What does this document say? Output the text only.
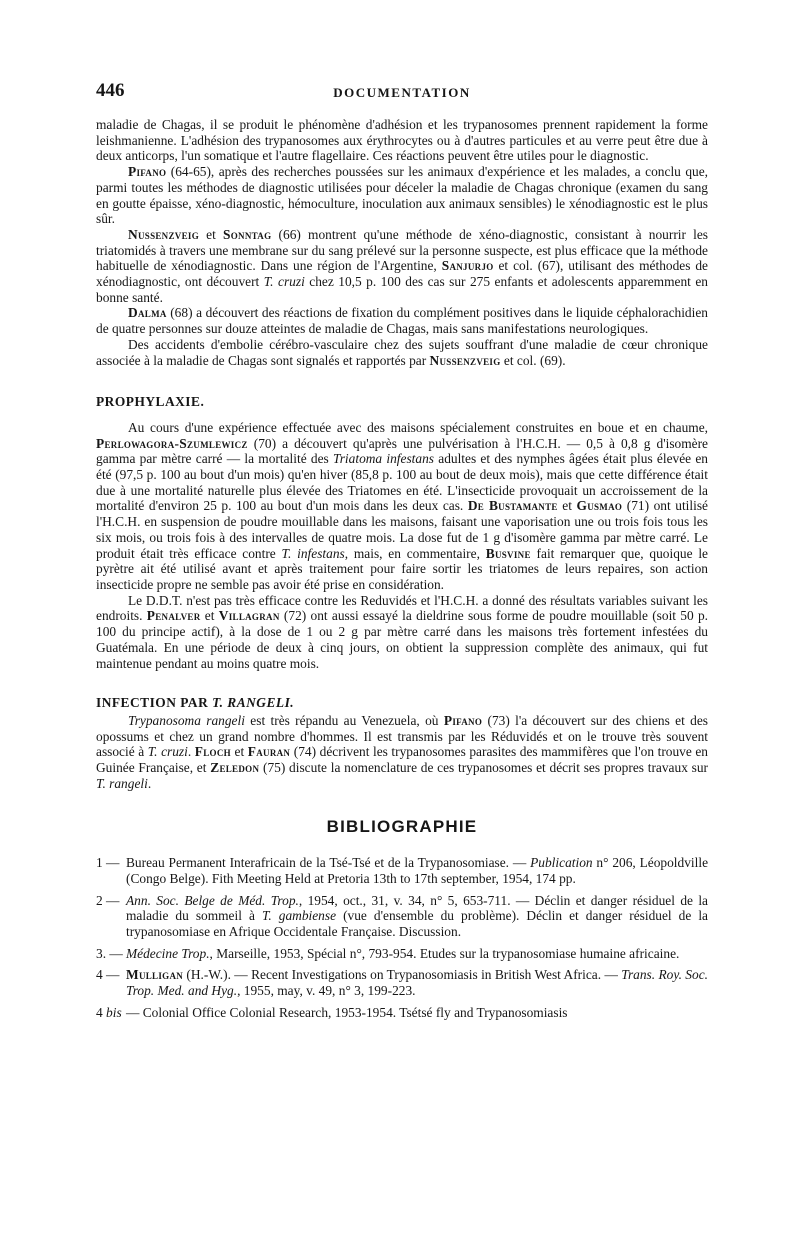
446	DOCUMENTATION

maladie de Chagas, il se produit le phénomène d'adhésion et les trypanosomes prennent rapidement la forme leishmanienne. L'adhésion des trypanosomes aux érythrocytes ou à d'autres particules et au verre peut être due à deux anticorps, l'un somatique et l'autre flagellaire. Ces réactions peuvent être utiles pour le diagnostic.

Pifano (64-65), après des recherches poussées sur les animaux d'expérience et les malades, a conclu que, parmi toutes les méthodes de diagnostic utilisées pour déceler la maladie de Chagas chronique (examen du sang en goutte épaisse, xéno-diagnostic, hémoculture, inoculation aux animaux sensibles) le xénodiagnostic est le plus sûr.

Nussenzveig et Sonntag (66) montrent qu'une méthode de xéno-diagnostic, consistant à nourrir les triatomidés à travers une membrane sur du sang prélevé sur la personne suspecte, est plus efficace que la méthode habituelle de xénodiagnostic. Dans une région de l'Argentine, Sanjurjo et col. (67), utilisant des méthodes de xénodiagnostic, ont découvert T. cruzi chez 10,5 p. 100 des cas sur 275 enfants et adolescents apparemment en bonne santé.

Dalma (68) a découvert des réactions de fixation du complément positives dans le liquide céphalorachidien de quatre personnes sur douze atteintes de maladie de Chagas, mais sans manifestations neurologiques.

Des accidents d'embolie cérébro-vasculaire chez des sujets souffrant d'une maladie de cœur chronique associée à la maladie de Chagas sont signalés et rapportés par Nussenzveig et col. (69).

PROPHYLAXIE.

Au cours d'une expérience effectuée avec des maisons spécialement construites en boue et en chaume, Perlowagora-Szumlewicz (70) a découvert qu'après une pulvérisation à l'H.C.H. — 0,5 à 0,8 g d'isomère gamma par mètre carré — la mortalité des Triatoma infestans adultes et des nymphes âgées était plus élevée en été (97,5 p. 100 au bout d'un mois) qu'en hiver (85,8 p. 100 au bout de deux mois), mais que cette différence était due à une mortalité naturelle plus élevée des Triatomes en été. L'insecticide provoquait un accroissement de la mortalité d'environ 25 p. 100 au bout d'un mois dans les deux cas. De Bustamante et Gusmao (71) ont utilisé l'H.C.H. en suspension de poudre mouillable dans les maisons, faisant une vaporisation une ou trois fois tous les six mois, ou trois fois à des intervalles de quatre mois. La dose fut de 1 g d'isomère gamma par mètre carré. Le produit était très efficace contre T. infestans, mais, en commentaire, Busvine fait remarquer que, quoique le pyrètre ait été utilisé avant et après traitement pour faire sortir les triatomes de leurs repaires, son action insecticide propre ne semble pas avoir été prise en considération.

Le D.D.T. n'est pas très efficace contre les Reduvidés et l'H.C.H. a donné des résultats variables suivant les endroits. Penalver et Villagran (72) ont aussi essayé la dieldrine sous forme de poudre mouillable (soit 50 p. 100 du principe actif), à la dose de 1 ou 2 g par mètre carré dans les maisons très fortement infestées du Guatémala. En une période de deux à cinq jours, on obtient la suppression complète des animaux, qui fut maintenue pendant au moins quatre mois.

INFECTION PAR T. RANGELI.

Trypanosoma rangeli est très répandu au Venezuela, où Pifano (73) l'a découvert sur des chiens et des opossums et chez un grand nombre d'hommes. Il est transmis par les Réduvidés et on le trouve très souvent associé à T. cruzi. Floch et Fauran (74) décrivent les trypanosomes parasites des mammifères que l'on trouve en Guinée Française, et Zeledon (75) discute la nomenclature de ces trypanosomes et décrit ses propres travaux sur T. rangeli.

BIBLIOGRAPHIE
1 — Bureau Permanent Interafricain de la Tsé-Tsé et de la Trypanosomiase. — Publication n° 206, Léopoldville (Congo Belge). Fith Meeting Held at Pretoria 13th to 17th september, 1954, 174 pp.
2 — Ann. Soc. Belge de Méd. Trop., 1954, oct., 31, v. 34, n° 5, 653-711. — Déclin et danger résiduel de la maladie du sommeil à T. gambiense (vue d'ensemble du problème). Déclin et danger résiduel de la trypanosomiase en Afrique Occidentale Française. Discussion.
3. — Médecine Trop., Marseille, 1953, Spécial n°, 793-954. Etudes sur la trypanosomiase humaine africaine.
4 — Mulligan (H.-W.). — Recent Investigations on Trypanosomiasis in British West Africa. — Trans. Roy. Soc. Trop. Med. and Hyg., 1955, may, v. 49, n° 3, 199-223.
4 bis — Colonial Office Colonial Research, 1953-1954. Tsétsé fly and Trypanosomiasis
